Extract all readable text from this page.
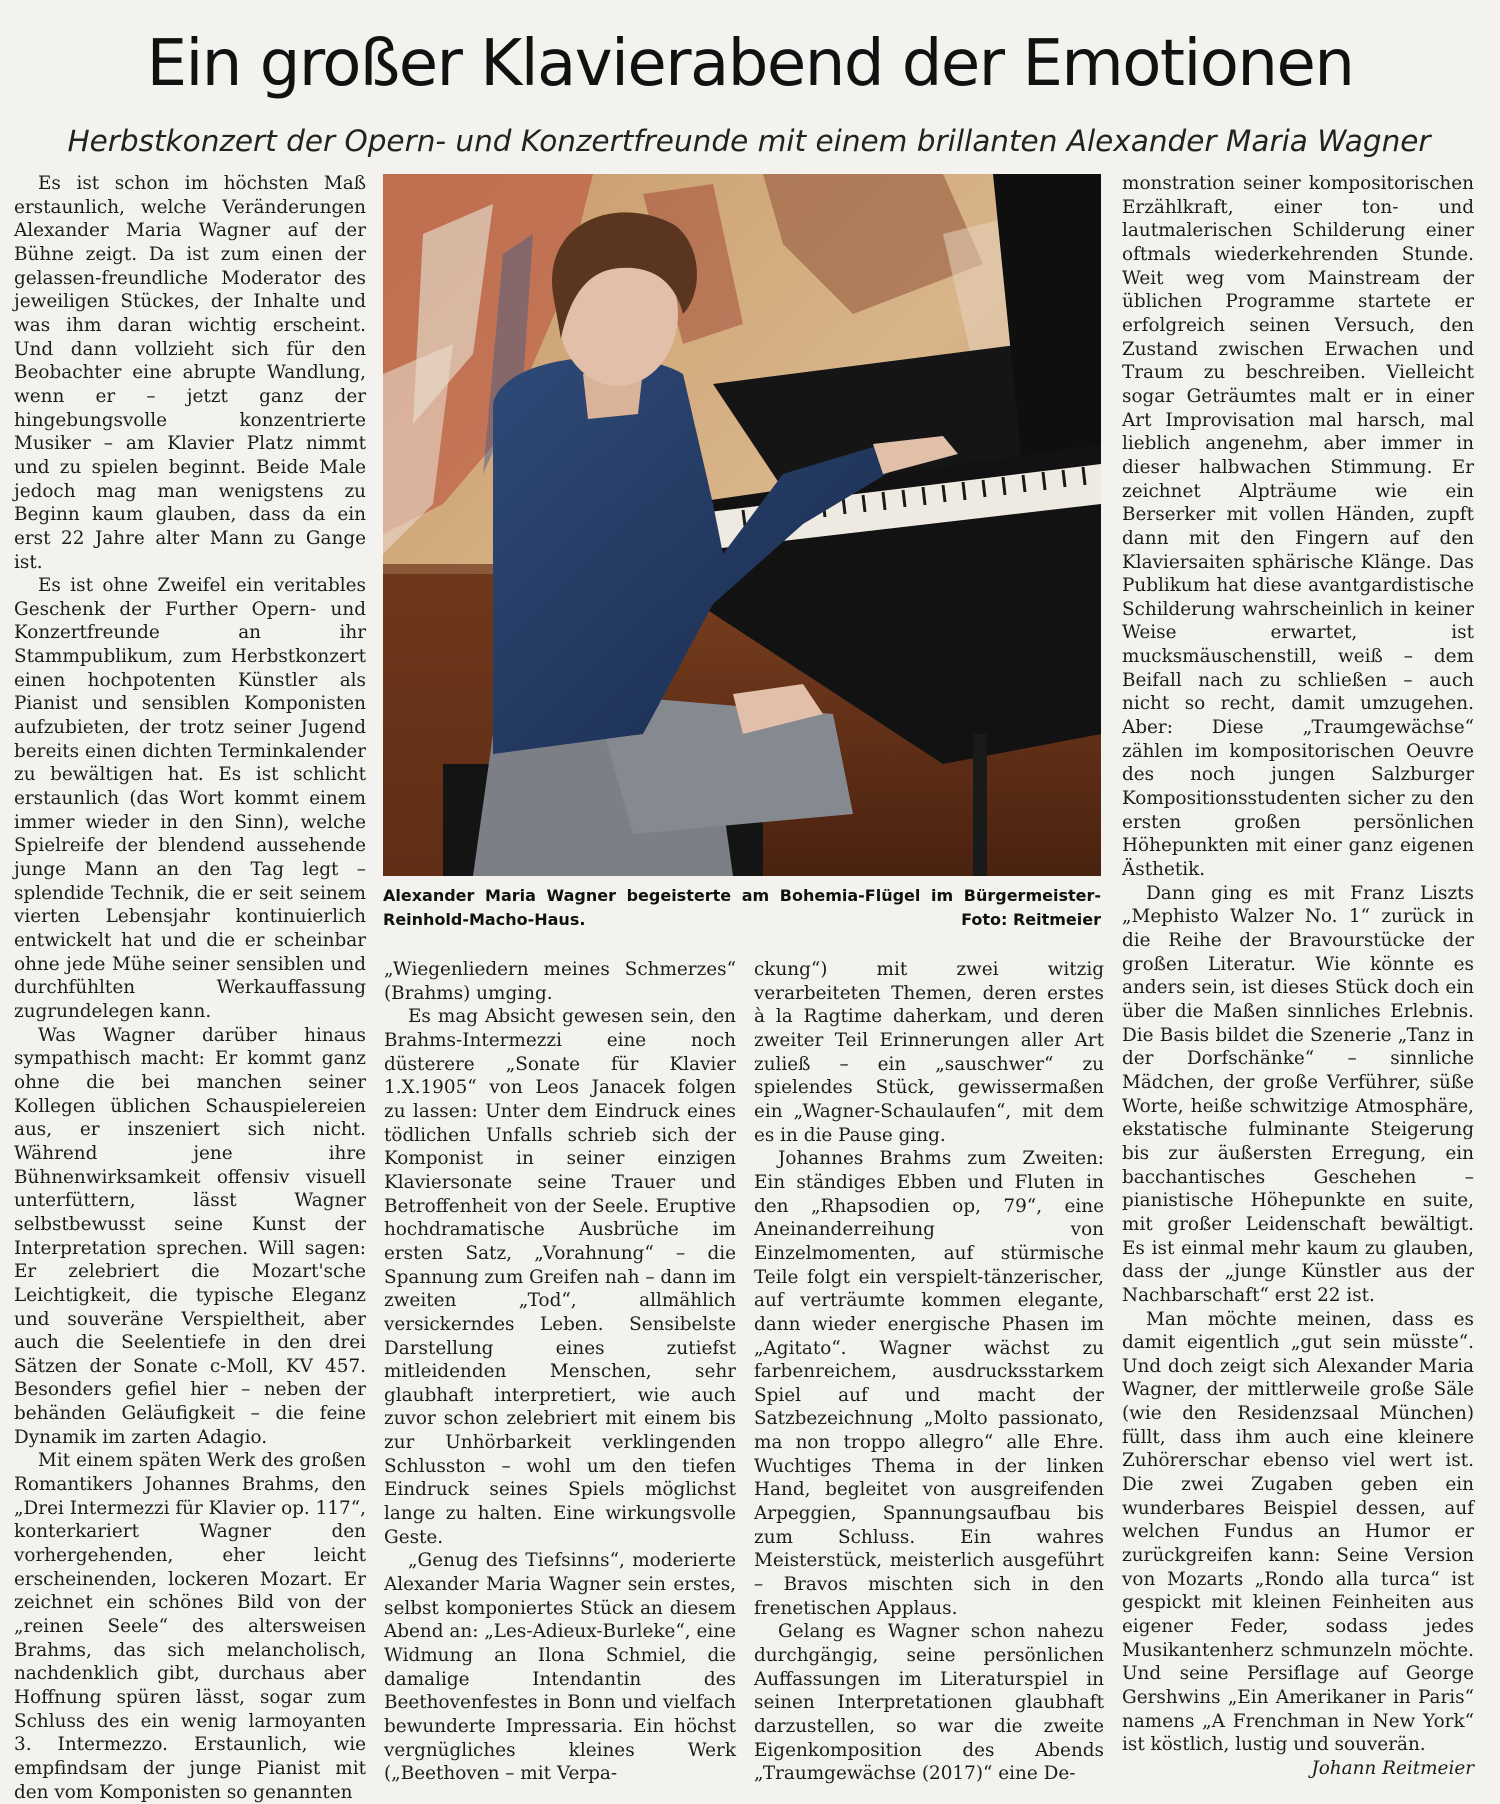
Ein großer Klavierabend der Emotionen
Herbstkonzert der Opern- und Konzertfreunde mit einem brillanten Alexander Maria Wagner

Es ist schon im höchsten Maß erstaunlich, welche Veränderungen Alexander Maria Wagner auf der Bühne zeigt. Da ist zum einen der gelassen-freundliche Moderator des jeweiligen Stückes, der Inhalte und was ihm daran wichtig erscheint. Und dann vollzieht sich für den Beobachter eine abrupte Wandlung, wenn er – jetzt ganz der hingebungsvolle konzentrierte Musiker – am Klavier Platz nimmt und zu spielen beginnt. Beide Male jedoch mag man wenigstens zu Beginn kaum glauben, dass da ein erst 22 Jahre alter Mann zu Gange ist.

Es ist ohne Zweifel ein veritables Geschenk der Further Opern- und Konzertfreunde an ihr Stammpublikum, zum Herbstkonzert einen hochpotenten Künstler als Pianist und sensiblen Komponisten aufzubieten, der trotz seiner Jugend bereits einen dichten Terminkalender zu bewältigen hat. Es ist schlicht erstaunlich (das Wort kommt einem immer wieder in den Sinn), welche Spielreife der blendend aussehende junge Mann an den Tag legt – splendide Technik, die er seit seinem vierten Lebensjahr kontinuierlich entwickelt hat und die er scheinbar ohne jede Mühe seiner sensiblen und durchfühlten Werkauffassung zugrundelegen kann.

Was Wagner darüber hinaus sympathisch macht: Er kommt ganz ohne die bei manchen seiner Kollegen üblichen Schauspielereien aus, er inszeniert sich nicht. Während jene ihre Bühnenwirksamkeit offensiv visuell unterfüttern, lässt Wagner selbstbewusst seine Kunst der Interpretation sprechen. Will sagen: Er zelebriert die Mozart'sche Leichtigkeit, die typische Eleganz und souveräne Verspieltheit, aber auch die Seelentiefe in den drei Sätzen der Sonate c-Moll, KV 457. Besonders gefiel hier – neben der behänden Geläufigkeit – die feine Dynamik im zarten Adagio.

Mit einem späten Werk des großen Romantikers Johannes Brahms, den „Drei Intermezzi für Klavier op. 117“, konterkariert Wagner den vorhergehenden, eher leicht erscheinenden, lockeren Mozart. Er zeichnet ein schönes Bild von der „reinen Seele“ des altersweisen Brahms, das sich melancholisch, nachdenklich gibt, durchaus aber Hoffnung spüren lässt, sogar zum Schluss des ein wenig larmoyanten 3. Intermezzo. Erstaunlich, wie empfindsam der junge Pianist mit den vom Komponisten so genannten

Alexander Maria Wagner begeisterte am Bohemia-Flügel im Bürgermeister-
Reinhold-Macho-Haus.	Foto: Reitmeier

„Wiegenliedern meines Schmerzes“ (Brahms) umging.

Es mag Absicht gewesen sein, den Brahms-Intermezzi eine noch düsterere „Sonate für Klavier 1.X.1905“ von Leos Janacek folgen zu lassen: Unter dem Eindruck eines tödlichen Unfalls schrieb sich der Komponist in seiner einzigen Klaviersonate seine Trauer und Betroffenheit von der Seele. Eruptive hochdramatische Ausbrüche im ersten Satz, „Vorahnung“ – die Spannung zum Greifen nah – dann im zweiten „Tod“, allmählich versickerndes Leben. Sensibelste Darstellung eines zutiefst mitleidenden Menschen, sehr glaubhaft interpretiert, wie auch zuvor schon zelebriert mit einem bis zur Unhörbarkeit verklingenden Schlusston – wohl um den tiefen Eindruck seines Spiels möglichst lange zu halten. Eine wirkungsvolle Geste.

„Genug des Tiefsinns“, moderierte Alexander Maria Wagner sein erstes, selbst komponiertes Stück an diesem Abend an: „Les-Adieux-Burleke“, eine Widmung an Ilona Schmiel, die damalige Intendantin des Beethovenfestes in Bonn und vielfach bewunderte Impressaria. Ein höchst vergnügliches kleines Werk („Beethoven – mit Verpa-

ckung“) mit zwei witzig verarbeiteten Themen, deren erstes à la Ragtime daherkam, und deren zweiter Teil Erinnerungen aller Art zuließ – ein „sauschwer“ zu spielendes Stück, gewissermaßen ein „Wagner-Schaulaufen“, mit dem es in die Pause ging.

Johannes Brahms zum Zweiten: Ein ständiges Ebben und Fluten in den „Rhapsodien op, 79“, eine Aneinanderreihung von Einzelmomenten, auf stürmische Teile folgt ein verspielt-tänzerischer, auf verträumte kommen elegante, dann wieder energische Phasen im „Agitato“. Wagner wächst zu farbenreichem, ausdrucksstarkem Spiel auf und macht der Satzbezeichnung „Molto passionato, ma non troppo allegro“ alle Ehre. Wuchtiges Thema in der linken Hand, begleitet von ausgreifenden Arpeggien, Spannungsaufbau bis zum Schluss. Ein wahres Meisterstück, meisterlich ausgeführt – Bravos mischten sich in den frenetischen Applaus.

Gelang es Wagner schon nahezu durchgängig, seine persönlichen Auffassungen im Literaturspiel in seinen Interpretationen glaubhaft darzustellen, so war die zweite Eigenkomposition des Abends „Traumgewächse (2017)“ eine De-

monstration seiner kompositorischen Erzählkraft, einer ton- und lautmalerischen Schilderung einer oftmals wiederkehrenden Stunde. Weit weg vom Mainstream der üblichen Programme startete er erfolgreich seinen Versuch, den Zustand zwischen Erwachen und Traum zu beschreiben. Vielleicht sogar Geträumtes malt er in einer Art Improvisation mal harsch, mal lieblich angenehm, aber immer in dieser halbwachen Stimmung. Er zeichnet Alpträume wie ein Berserker mit vollen Händen, zupft dann mit den Fingern auf den Klaviersaiten sphärische Klänge. Das Publikum hat diese avantgardistische Schilderung wahrscheinlich in keiner Weise erwartet, ist mucksmäuschenstill, weiß – dem Beifall nach zu schließen – auch nicht so recht, damit umzugehen. Aber: Diese „Traumgewächse“ zählen im kompositorischen Oeuvre des noch jungen Salzburger Kompositionsstudenten sicher zu den ersten großen persönlichen Höhepunkten mit einer ganz eigenen Ästhetik.

Dann ging es mit Franz Liszts „Mephisto Walzer No. 1“ zurück in die Reihe der Bravourstücke der großen Literatur. Wie könnte es anders sein, ist dieses Stück doch ein über die Maßen sinnliches Erlebnis. Die Basis bildet die Szenerie „Tanz in der Dorfschänke“ – sinnliche Mädchen, der große Verführer, süße Worte, heiße schwitzige Atmosphäre, ekstatische fulminante Steigerung bis zur äußersten Erregung, ein bacchantisches Geschehen – pianistische Höhepunkte en suite, mit großer Leidenschaft bewältigt. Es ist einmal mehr kaum zu glauben, dass der „junge Künstler aus der Nachbarschaft“ erst 22 ist.

Man möchte meinen, dass es damit eigentlich „gut sein müsste“. Und doch zeigt sich Alexander Maria Wagner, der mittlerweile große Säle (wie den Residenzsaal München) füllt, dass ihm auch eine kleinere Zuhörerschar ebenso viel wert ist. Die zwei Zugaben geben ein wunderbares Beispiel dessen, auf welchen Fundus an Humor er zurückgreifen kann: Seine Version von Mozarts „Rondo alla turca“ ist gespickt mit kleinen Feinheiten aus eigener Feder, sodass jedes Musikantenherz schmunzeln möchte. Und seine Persiflage auf George Gershwins „Ein Amerikaner in Paris“ namens „A Frenchman in New York“ ist köstlich, lustig und souverän.

Johann Reitmeier
